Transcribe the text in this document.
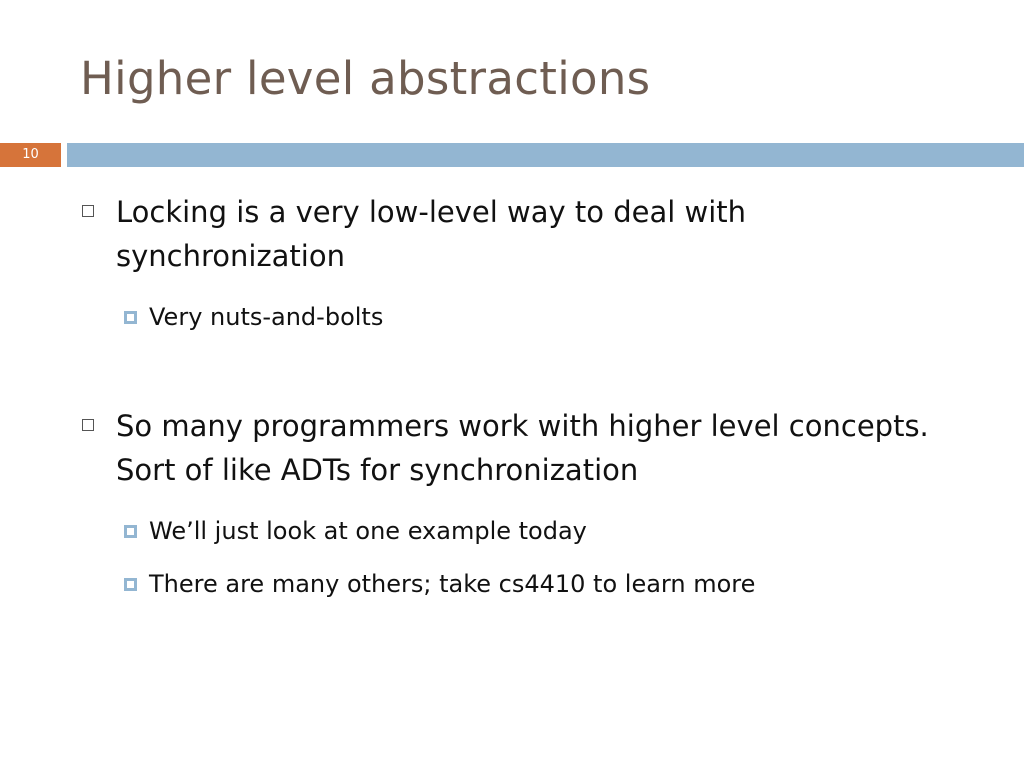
Higher level abstractions
10
Locking is a very low-level way to deal with synchronization
Very nuts-and-bolts
So many programmers work with higher level concepts. Sort of like ADTs for synchronization
We’ll just look at one example today
There are many others; take cs4410 to learn more
